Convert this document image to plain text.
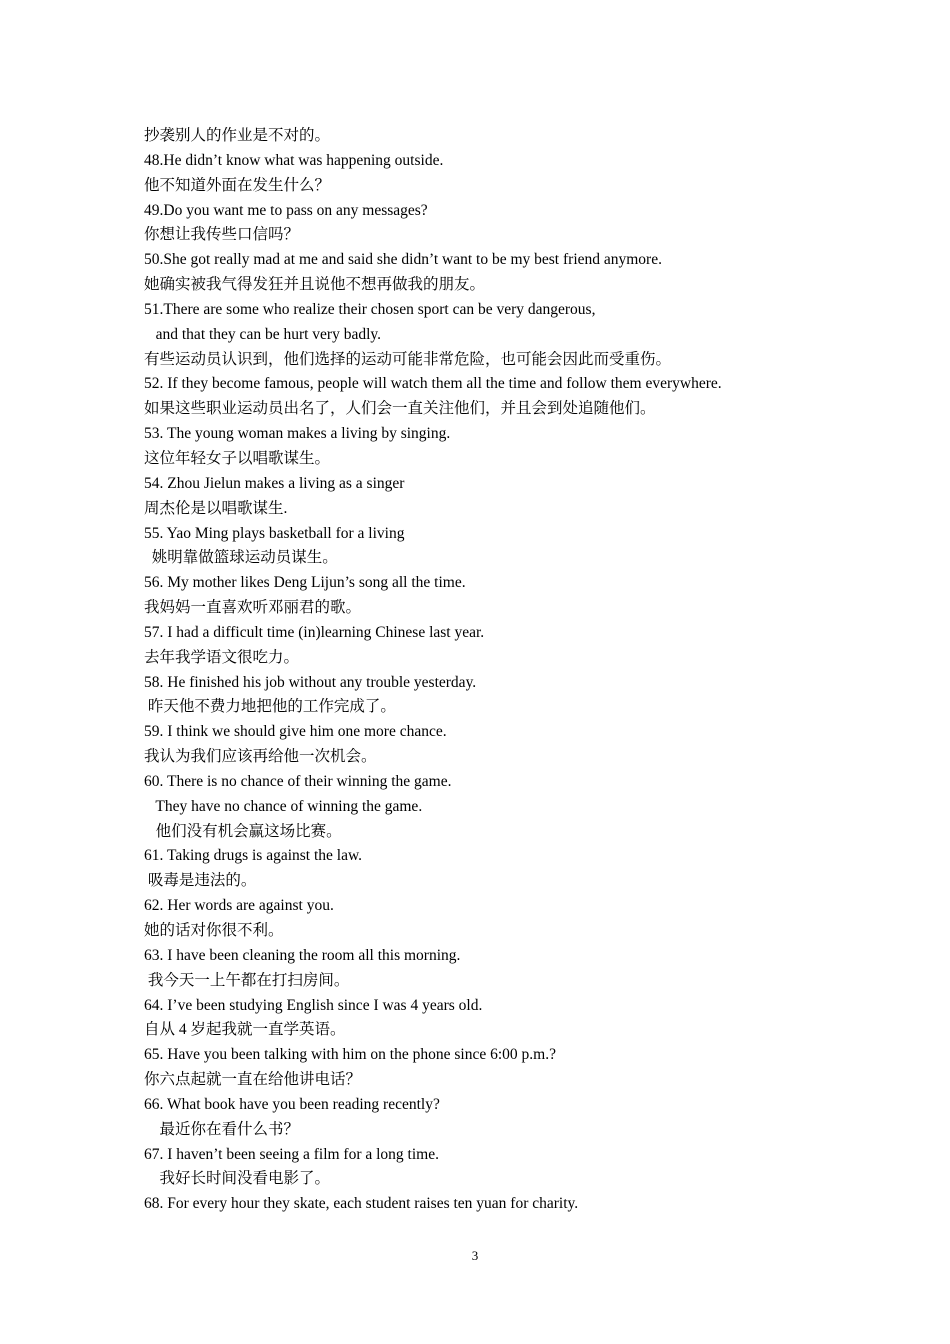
抄袭别人的作业是不对的。
48.He didn’t know what was happening outside.
他不知道外面在发生什么？
49.Do you want me to pass on any messages?
你想让我传些口信吗？
50.She got really mad at me and said she didn’t want to be my best friend anymore.
她确实被我气得发狂并且说他不想再做我的朋友。
51.There are some who realize their chosen sport can be very dangerous,
and that they can be hurt very badly.
有些运动员认识到，他们选择的运动可能非常危险，也可能会因此而受重伤。
52. If they become famous, people will watch them all the time and follow them everywhere.
如果这些职业运动员出名了，人们会一直关注他们，并且会到处追随他们。
53. The young woman makes a living by singing.
这位年轻女子以唱歌谋生。
54. Zhou Jielun makes a living as a singer
周杰伦是以唱歌谋生.
55. Yao Ming plays basketball for a living
姚明靠做篮球运动员谋生。
56. My mother likes Deng Lijun’s song all the time.
我妈妈一直喜欢听邓丽君的歌。
57. I had a difficult time (in)learning Chinese last year.
去年我学语文很吃力。
58. He finished his job without any trouble yesterday.
昨天他不费力地把他的工作完成了。
59. I think we should give him one more chance.
我认为我们应该再给他一次机会。
60. There is no chance of their winning the game.
They have no chance of winning the game.
他们没有机会赢这场比赛。
61. Taking drugs is against the law.
吸毒是违法的。
62. Her words are against you.
她的话对你很不利。
63. I have been cleaning the room all this morning.
我今天一上午都在打扫房间。
64. I’ve been studying English since I was 4 years old.
自从 4 岁起我就一直学英语。
65. Have you been talking with him on the phone since 6:00 p.m.?
你六点起就一直在给他讲电话？
66. What book have you been reading recently?
最近你在看什么书？
67. I haven’t been seeing a film for a long time.
我好长时间没看电影了。
68. For every hour they skate, each student raises ten yuan for charity.
3
